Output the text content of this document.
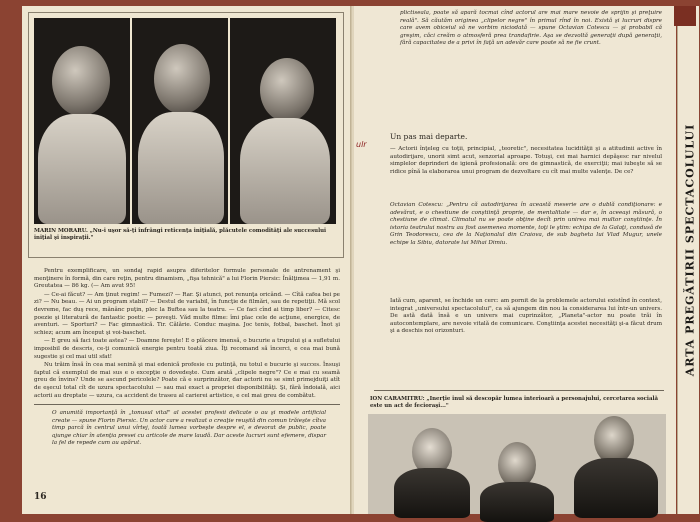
MARIN MORARU. „Nu-i uşor să-ţi înfrângi reticenţa iniţială, plăcutele comodităţi ale succesului iniţial şi inspiraţii."

Pentru exemplificare, un sondaj rapid asupra diferitelor formule personale de antrenament şi menţinere în formă, din care reţin, pentru dinamism, „fişa tehnică" a lui Florin Piersic: Înălţimea — 1,91 m. Greutatea — 86 kg. (— Am avut 95!

— Ce-ai făcut? — Am ţinut regim! — Fumezi? — Rar. Şi atunci, pot renunţa oricând. — Cîtă cafea bei pe zi? — Nu beau. — Ai un program stabil? — Destul de variabil, în funcţie de filmări, sau de repetiţii. Mă scol devreme, fac duş rece, mănânc puţin, plec la Buftea sau la teatru. — Ce faci cînd ai timp liber? — Citesc poezie şi literatură de fantastic poetic — poveşti. Văd multe filme: îmi plac cele de acţiune, energice, de aventuri. — Sporturi? — Fac gimnastică. Tir. Călărie. Conduc maşina. Joc tenis, fotbal, baschet. Înot şi schiez; acum am început şi voi-baschet.

— E greu să faci toate astea? — Doamne fereşte! E o plăcere imensă, o bucurie a trupului şi a sufletului imposibil de descris, ce-ţi comunică energie pentru toată ziua. Îţi recomand să încerci, e cea mai bună sugestie şi cel mai util sfat!

Nu trăim însă în cea mai senină şi mai edenică profesie cu putinţă, nu totul e bucurie şi succes. Însuşi faptul că exemplul de mai sus e o excepţie o dovedeşte. Cum arată „clipele negre"? Ce e mai cu seamă greu de învins? Unde se ascund pericolele? Poate că e surprinzător, dar actorii nu se simt primejduiţi atît de eşecul total cît de uzura spectacolului — sau mai exact a propriei disponibilităţi. Şi, fără îndoială, aici actorii au dreptate — uzura, ca accident de traseu al carierei artistice, e cel mai greu de combătut.

O anumită importanţă în „tonusul vital" al acestei profesii delicate o au şi modele artificial create — spune Florin Piersic. Un actor care a realizat o creaţie reuşită din comun trăieşte cîtva timp parcă în centrul unui vîrtej, toată lumea vorbeşte despre el, e devorat de public, poate ajunge chiar în atenţia presei cu articole de mare laudă. Dar aceste lucruri sunt efemere, dispar la fel de repede cum au apărut.
16
plictiseala, poate să apară tocmai cînd actorul are mai mare nevoie de sprijin şi preţuire reală". Să căutăm originea „clipelor negre" în primul rînd în noi. Există şi lucruri dispre care avem obiceiul să ne vorbim niciodată — spune Octavian Cotescu — şi probabil că greşim, căci creăm o atmosferă prea trandafirie. Aşa se dezvoltă generaţii după generaţii, fără capacitatea de a privi în faţă un adevăr care poate să ne fie crunt.
Un pas mai departe.
— Actorii înţeleg cu toţii, principial, „teoretic", necesitatea lucidităţii şi a atitudinii active în autodirijare, unorii simt acut, senzorial aproape. Totuşi, cei mai harnici depăşesc rar nivelul simplelor deprinderi de igienă profesională: ore de gimnastică, de exerciţii; mai iubeşte să se ridice pînă la elaborarea unui program de dezvoltare cu cît mai multe valenţe. De ce?
Octavian Cotescu: „Pentru că autodirijarea în această meserie are o dublă condiţionare: e adevărat, e o chestiune de conştiinţă proprie, de mentalitate — dar e, în aceeaşi măsură, o chestiune de climat. Climatul nu se poate obţine decît prin unirea mai multor conştiinţe. În istoria teatrului nostru au fost asemenea momente, toţi le ştim: echipa de la Galaţi, condusă de Grin Teodorescu, cea de la Naţionalul din Craiova, de sub bagheta lui Vlad Mugur, unele echipe la Sibiu, datorate lui Mihai Dimiu.
Iată cum, aparent, se închide un cerc: am pornit de la problemele actorului existînd în context, integrat „universului spectacolului", ca să ajungem din nou la considerarea lui într-un univers. De astă dată însă e un univers mai cuprinzător, „Planeta"-actor nu poate trăi în autocontemplare, are nevoie vitală de comunicare. Conştiinţa acestei necesităţi şi-a făcut drum şi a deschis noi orizonturi.
ION CARAMITRU: „Inerţie inul să descopăr lumea interioară a personajului, cercetarea socială este un act de fecioraşi..."
ulr	ARTA PREGĂTIRII SPECTACOLULUI
